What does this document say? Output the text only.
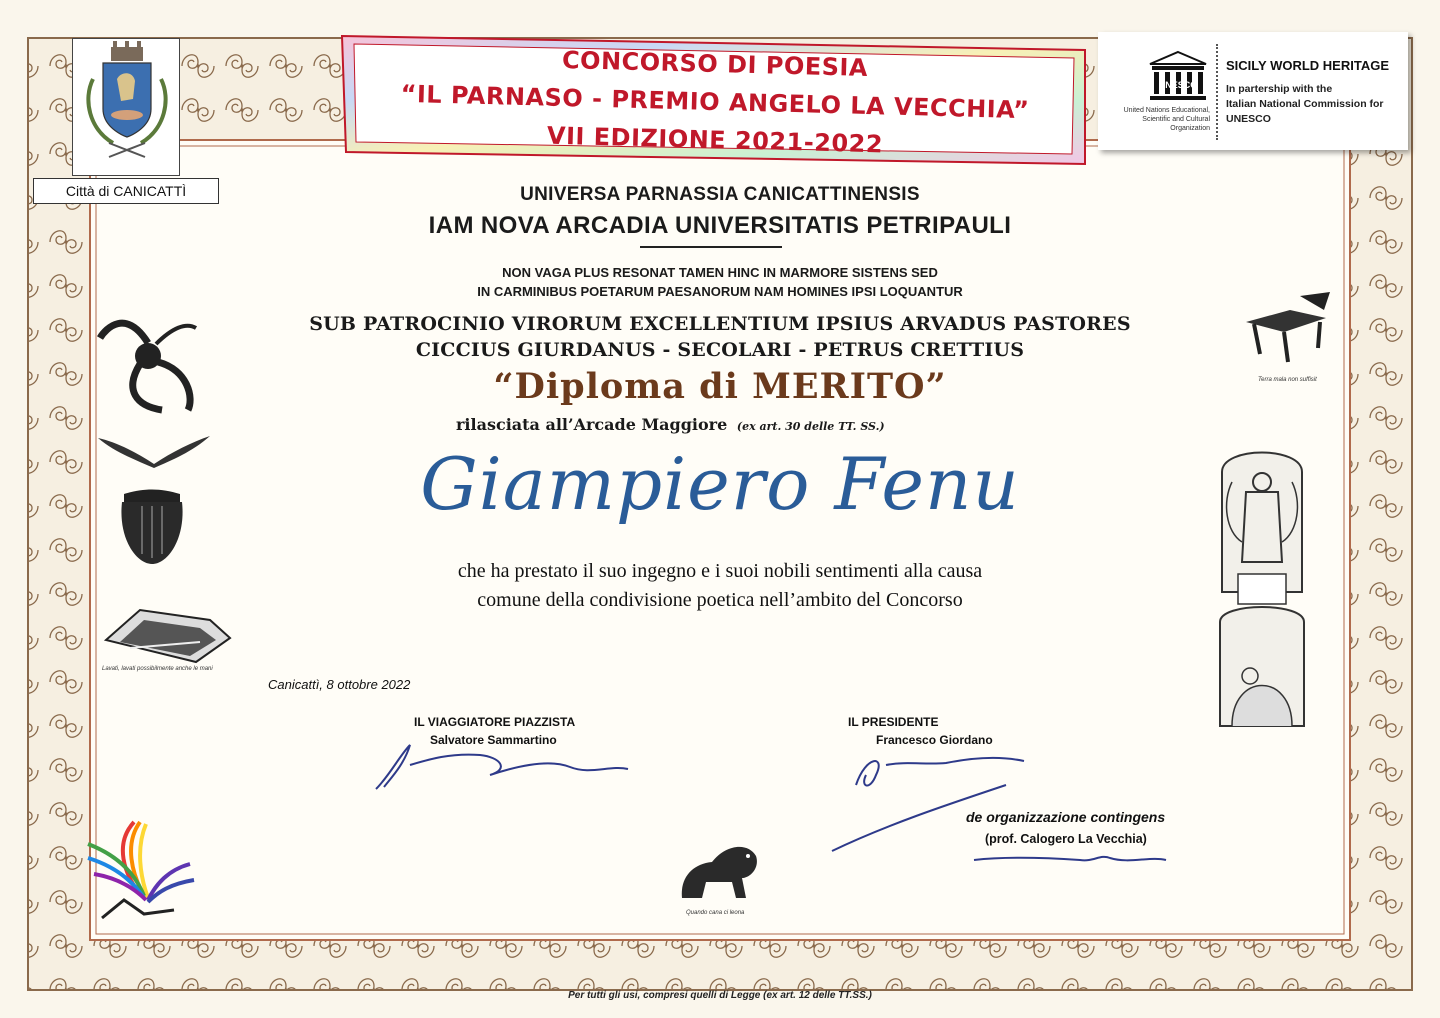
CONCORSO DI POESIA
“IL PARNASO - PREMIO ANGELO LA VECCHIA”
VII EDIZIONE 2021-2022
Città di CANICATTÌ
UNESCO
United Nations Educational, Scientific and Cultural Organization
SICILY WORLD HERITAGE
In partership with the
Italian National Commission for
UNESCO
UNIVERSA PARNASSIA CANICATTINENSIS
IAM NOVA ARCADIA UNIVERSITATIS PETRIPAULI
NON VAGA PLUS RESONAT TAMEN HINC IN MARMORE SISTENS SED
IN CARMINIBUS POETARUM PAESANORUM NAM HOMINES IPSI LOQUANTUR
SUB PATROCINIO VIRORUM EXCELLENTIUM IPSIUS ARVADUS PASTORES
CICCIUS GIURDANUS - SECOLARI - PETRUS CRETTIUS
“Diploma di MERITO”
rilasciata all’Arcade Maggiore (ex art. 30 delle TT. SS.)
Giampiero Fenu
che ha prestato il suo ingegno e i suoi nobili sentimenti alla causa
comune della condivisione poetica nell’ambito del Concorso
Lavati, lavati possibilmente anche le mani
Terra mala non suffisit
Quando cana ci leona
Canicattì, 8 ottobre 2022
IL VIAGGIATORE PIAZZISTA
Salvatore Sammartino
IL PRESIDENTE
Francesco Giordano
de organizzazione contingens
(prof. Calogero La Vecchia)
Per tutti gli usi, compresi quelli di Legge (ex art. 12 delle TT.SS.)
